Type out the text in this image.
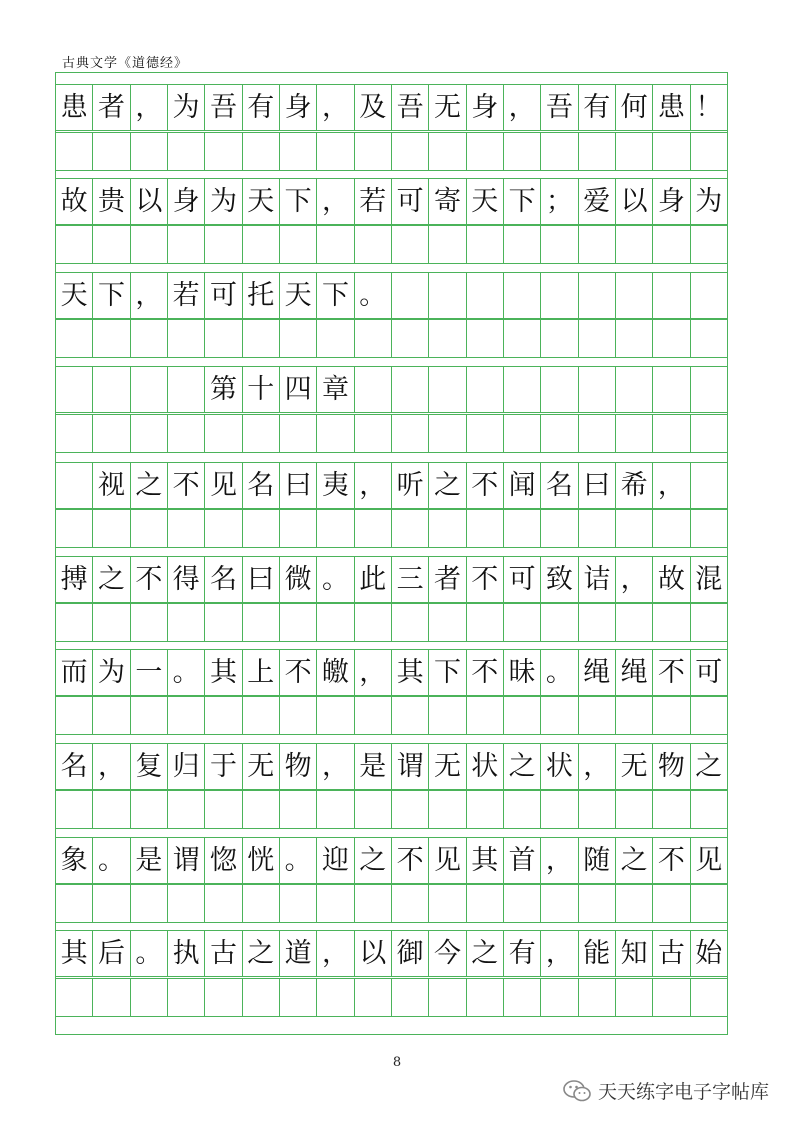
古典文学《道德经》
患 者 ， 为 吾 有 身 ， 及 吾 无 身 ， 吾 有 何 患 ！
故 贵 以 身 为 天 下 ， 若 可 寄 天 下 ； 爱 以 身 为
天 下 ， 若 可 托 天 下 。
第 十 四 章
视 之 不 见 名 曰 夷 ， 听 之 不 闻 名 曰 希 ，
搏 之 不 得 名 曰 微 。 此 三 者 不 可 致 诘 ， 故 混
而 为 一 。 其 上 不 皦 ， 其 下 不 昧 。 绳 绳 不 可
名 ， 复 归 于 无 物 ， 是 谓 无 状 之 状 ， 无 物 之
象 。 是 谓 惚 恍 。 迎 之 不 见 其 首 ， 随 之 不 见
其 后 。 执 古 之 道 ， 以 御 今 之 有 ， 能 知 古 始
8
天天练字电子字帖库
